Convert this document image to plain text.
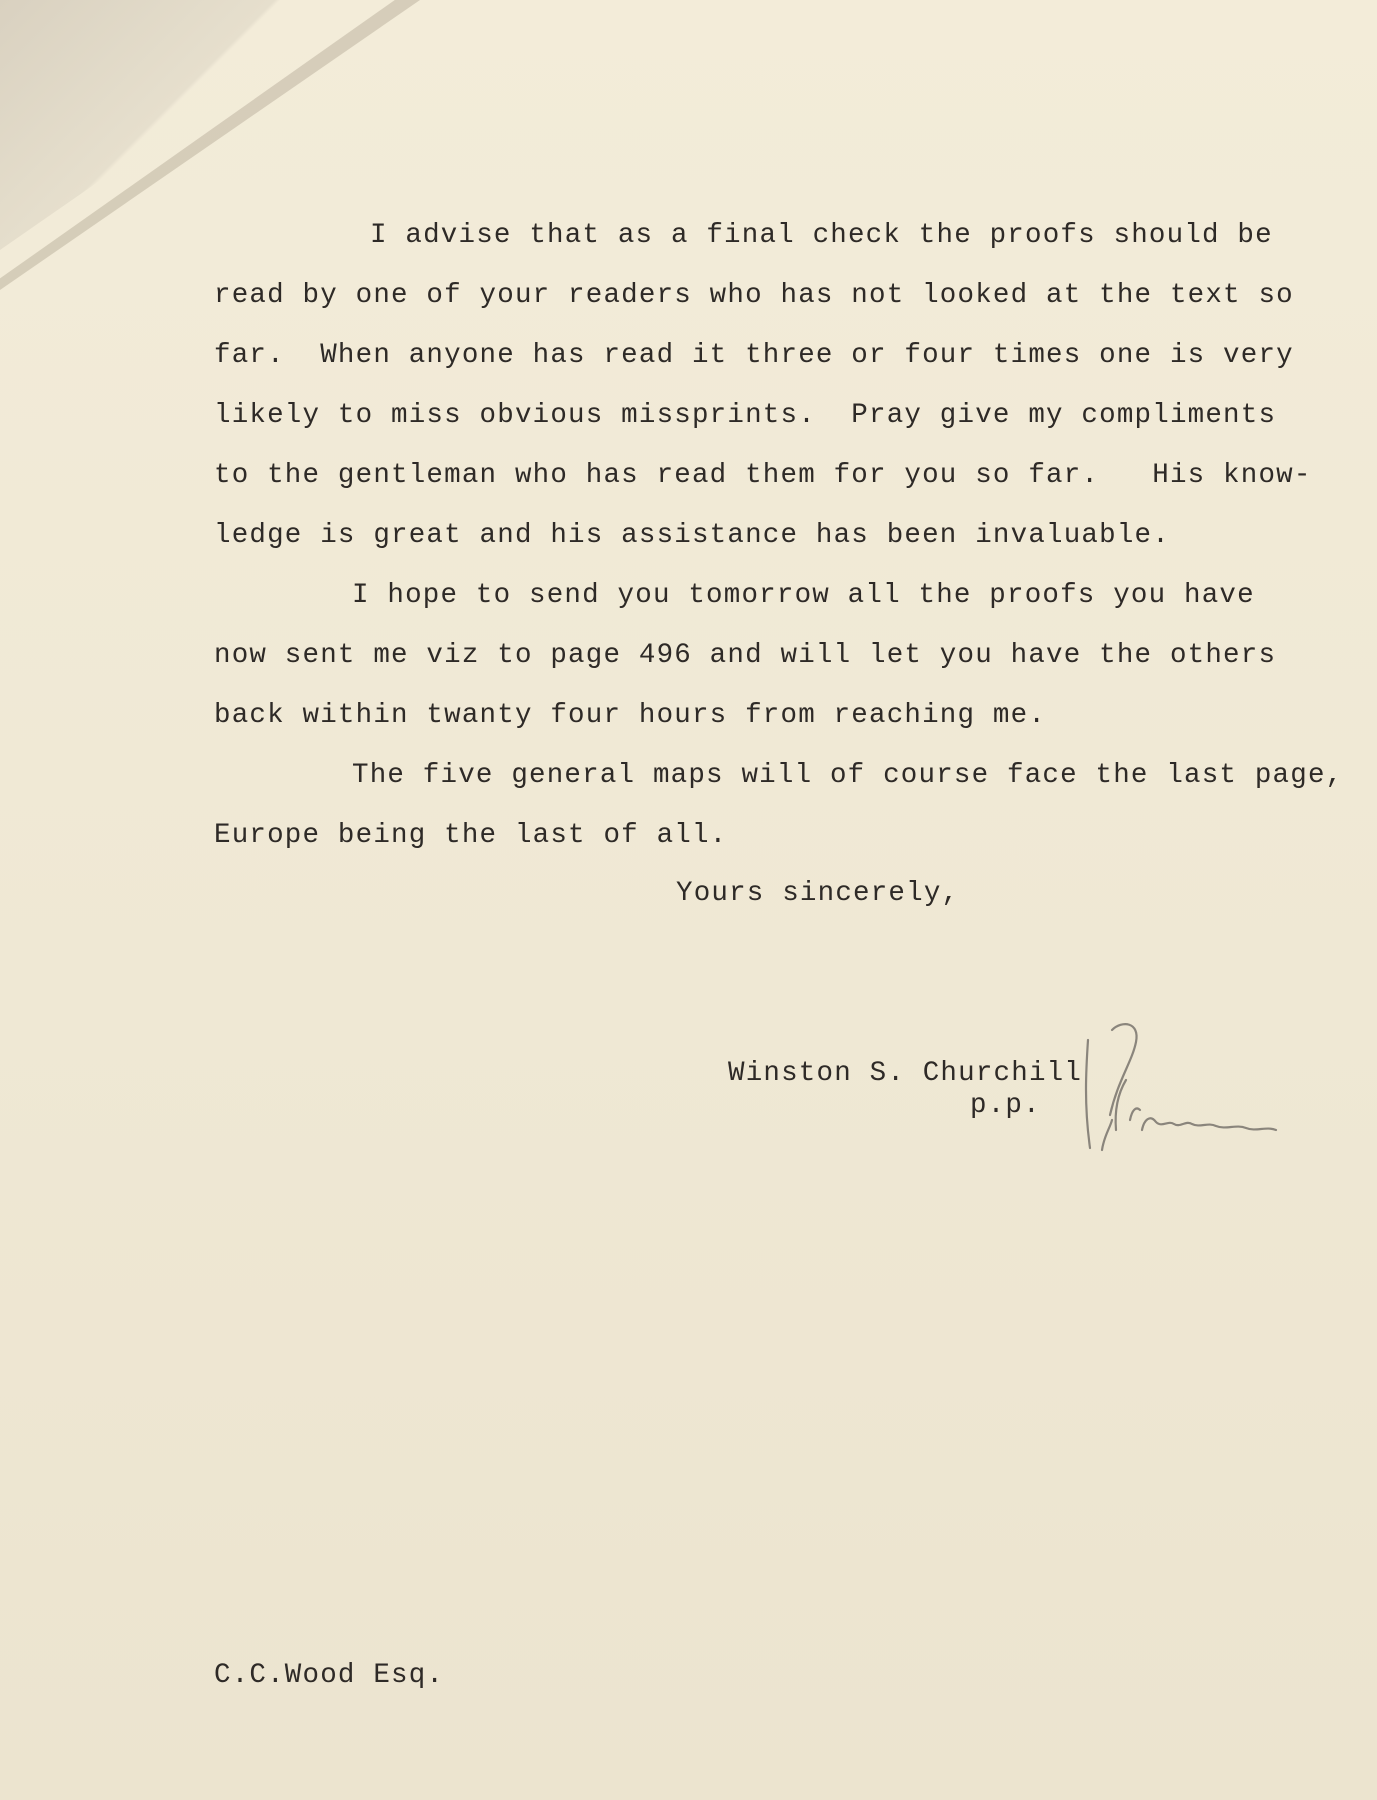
I advise that as a final check the proofs should be

read by one of your readers who has not looked at the text so

far.  When anyone has read it three or four times one is very

likely to miss obvious missprints.  Pray give my compliments

to the gentleman who has read them for you so far.   His know-

ledge is great and his assistance has been invaluable.

I hope to send you tomorrow all the proofs you have

now sent me viz to page 496 and will let you have the others

back within twanty four hours from reaching me.

The five general maps will of course face the last page,

Europe being the last of all.

Yours sincerely,

Winston S. Churchill

p.p.

C.C.Wood Esq.
